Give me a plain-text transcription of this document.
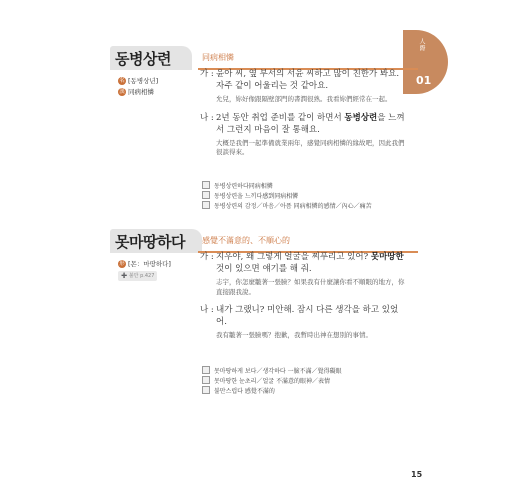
人際
01
동병상련	同病相憐
名 [동병상년]
漢 同病相憐
가 : 윤아 씨, 옆 부서의 서윤 씨하고 많이 친한가 봐요. 자주 같이 어울리는 것 같아요.
允兒，妳好像跟隔壁部門的書潤很熟。我看妳們經常在一起。
나 : 2년 동안 취업 준비를 같이 하면서 동병상련을 느껴서 그런지 마음이 잘 통해요.
大概是我們一起準備就業兩年，感覺同病相憐的緣故吧，因此我們很談得來。
동병상련하다同病相憐
동병상련을 느끼다感到同病相憐
동병상련의 감정／마음／아픔 同病相憐的感情／內心／痛苦
못마땅하다 感覺不滿意的、不順心的
形 [몬：마땅하다]
➕ 불만 p.427
가 : 지우야, 왜 그렇게 얼굴을 찌푸리고 있어? 못마땅한 것이 있으면 얘기를 해 줘.
志宇，你怎麼皺著一張臉？如果我有什麼讓你看不順眼的地方，你直接跟我說。
나 : 내가 그랬니? 미안해. 잠시 다른 생각을 하고 있었어.
我有皺著一張臉嗎？抱歉，我暫時出神在想別的事情。
못마땅하게 보다／생각하다 一臉不滿／覺得礙眼
못마땅한 눈초리／얼굴 不滿意的眼神／表情
불만스럽다 感覺不滿的
15
